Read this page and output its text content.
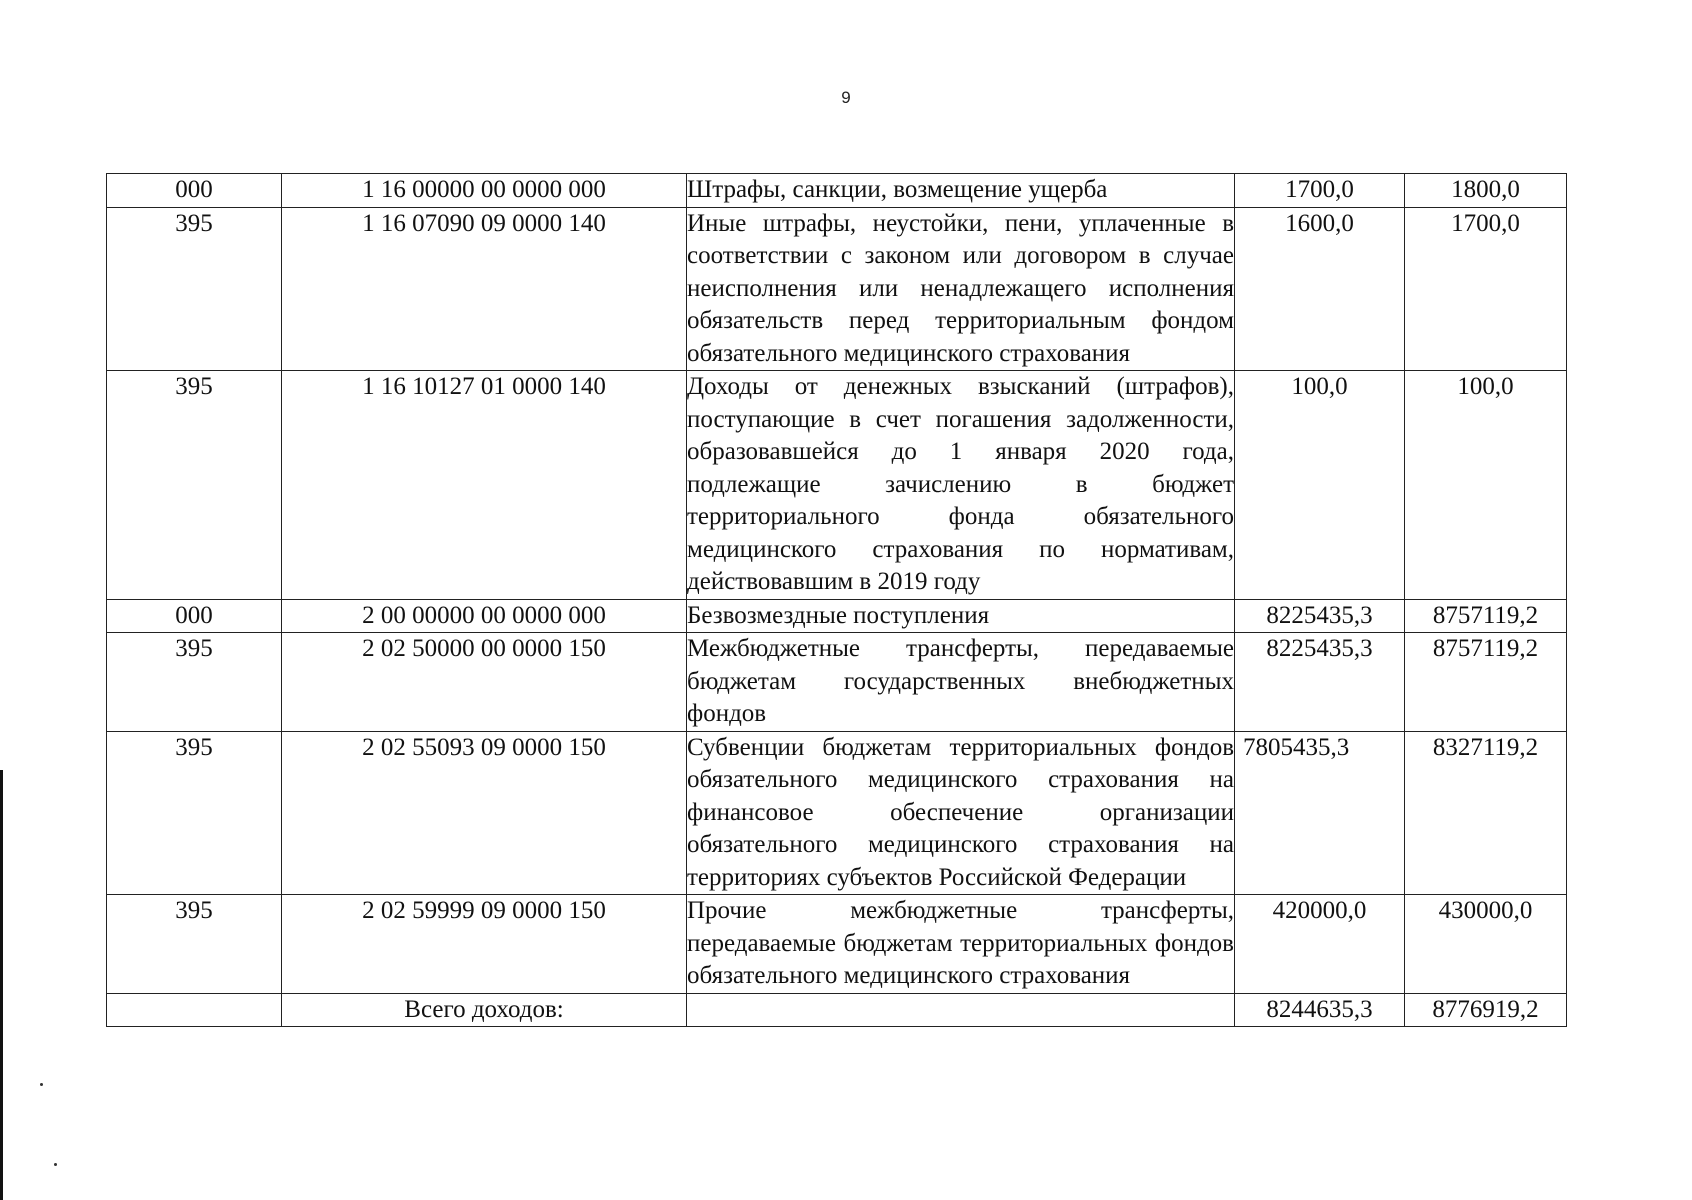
9
000	1 16 00000 00 0000 000	Штрафы, санкции, возмещение ущерба	1700,0	1800,0
395	1 16 07090 09 0000 140	Иные штрафы, неустойки, пени, уплаченные в соответствии с законом или договором в случае неисполнения или ненадлежащего исполнения обязательств перед территориальным фондом обязательного медицинского страхования	1600,0	1700,0
395	1 16 10127 01 0000 140	Доходы от денежных взысканий (штрафов), поступающие в счет погашения задолженности, образовавшейся до 1 января 2020 года, подлежащие зачислению в бюджет территориального фонда обязательного медицинского страхования по нормативам, действовавшим в 2019 году	100,0	100,0
000	2 00 00000 00 0000 000	Безвозмездные поступления	8225435,3	8757119,2
395	2 02 50000 00 0000 150	Межбюджетные трансферты, передаваемые бюджетам государственных внебюджетных фондов	8225435,3	8757119,2
395	2 02 55093 09 0000 150	Субвенции бюджетам территориальных фондов обязательного медицинского страхования на финансовое обеспечение организации обязательного медицинского страхования на территориях субъектов Российской Федерации	7805435,3	8327119,2
395	2 02 59999 09 0000 150	Прочие межбюджетные трансферты, передаваемые бюджетам территориальных фондов обязательного медицинского страхования	420000,0	430000,0
	Всего доходов:		8244635,3	8776919,2
